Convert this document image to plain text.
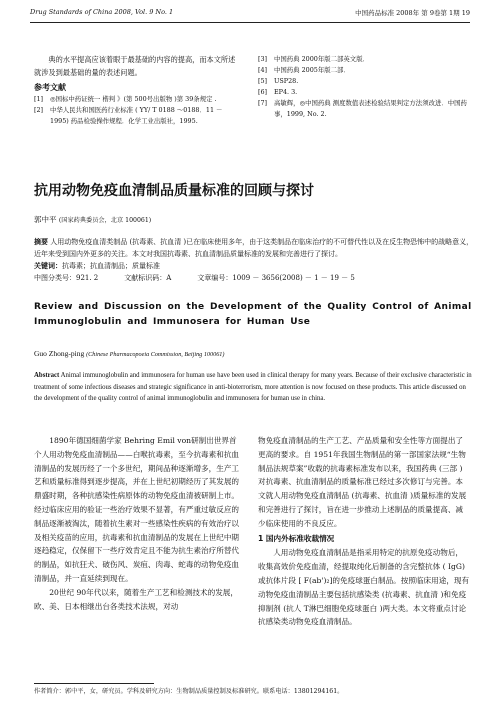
Drug Standards of China 2008, Vol. 9 No. 1	中国药品标准 2008年 第 9卷第 1期 19

典的水平提高应该着眼于最基础的内容的提高，而本文所述就涉及到最基础的量的表述问题。

参考文献
[1]	◎国标中药证统一 楷判 》(第 500号出版物 )第 39条规定 .
[2]	中华人民共和国医药行业标准 ( YY/ T 0188 ～0188．11 － 1995) 药品检验操作规程．化学工业出版社，1995.
[3]	中国药典 2000年版二部英文版．
[4]	中国药典 2005年版二部．
[5]	USP28.
[6]	EP4. 3.
[7]	高敏辉，◎中国药典 测度数值表述检验结果判定方法须改进．中国药事，1999, No. 2.
抗用动物免疫血清制品质量标准的回顾与探讨
郭中平 (国家药典委员会，北京 100061)
摘要 人用动物免疫血清类制品 (抗毒素、抗血清 )已在临床使用多年，由于这类制品在临床治疗的不可替代性以及在反生物恐怖中的战略意义，近年来受到国内外更多的关注。本文对我国抗毒素、抗血清制品质量标准的发展和完善进行了探讨。
关键词：抗毒素；抗血清制品；质量标准
中图分类号：921. 2	文献标识码：A	文章编号：1009 － 3656(2008) － 1 － 19 － 5
Review and Discussion on the Development of the Quality Control of Animal Immunoglobulin and Immunosera for Human Use
Guo Zhong-ping (Chinese Pharmacopoeia Commission, Beijing 100061)
Abstract Animal immunoglobulin and immunosera for human use have been used in clinical therapy for many years. Because of their exclusive characteristic in treatment of some infectious diseases and strategic significance in anti-bioterrorism, more attention is now focused on these products. This article discussed on the development of the quality control of animal immunoglobulin and immunosera for human use in china.

1890年德国细菌学家 Behring Emil von研制出世界首个人用动物免疫血清制品——白喉抗毒素，至今抗毒素和抗血清制品的发展历经了一个多世纪，期间品种逐渐增多，生产工艺和质量标准得到逐步提高，并在上世纪初期经历了其发展的鼎盛时期，各种抗感染性病原体的动物免疫血清被研制上市。经过临床应用的验证一些治疗效果不显著，有严重过敏反应的制品逐渐被淘汰，随着抗生素对一些感染性疾病的有效治疗以及相关疫苗的应用，抗毒素和抗血清制品的发展在上世纪中期逐趋稳定，仅保留下一些疗效肯定且不能为抗生素治疗所替代的制品，如抗狂犬、破伤风、炭疽、肉毒、蛇毒的动物免疫血清制品，并一直延续到现在。

20世纪 90年代以来，随着生产工艺和检测技术的发展，欧、美、日本相继出台各类技术法规，对动

物免疫血清制品的生产工艺、产品质量和安全性等方面提出了更高的要求。自 1951年我国生物制品的第一部国家法规“生物制品法规草案”收载的抗毒素标准发布以来，我国药典 (三部 )对抗毒素、抗血清制品的质量标准已经过多次修订与完善。本文就人用动物免疫血清制品 (抗毒素、抗血清 )质量标准的发展和完善进行了探讨，旨在进一步推动上述制品的质量提高、减少临床使用的不良反应。

1 国内外标准收载情况

人用动物免疫血清制品是指采用特定的抗原免疫动物后，收集高效价免疫血清，经提取纯化后制备的含完整抗体 ( IgG)或抗体片段 [ F(ab')₂]的免疫球蛋白制品。按照临床用途，现有动物免疫血清制品主要包括抗感染类 (抗毒素、抗血清 )和免疫抑制剂 (抗人 T淋巴细胞免疫球蛋白 )两大类。本文将重点讨论抗感染类动物免疫血清制品。

作者简介：郭中平，女，研究员。学科及研究方向：生物制品质量控制及标准研究。联系电话：13801294161。
